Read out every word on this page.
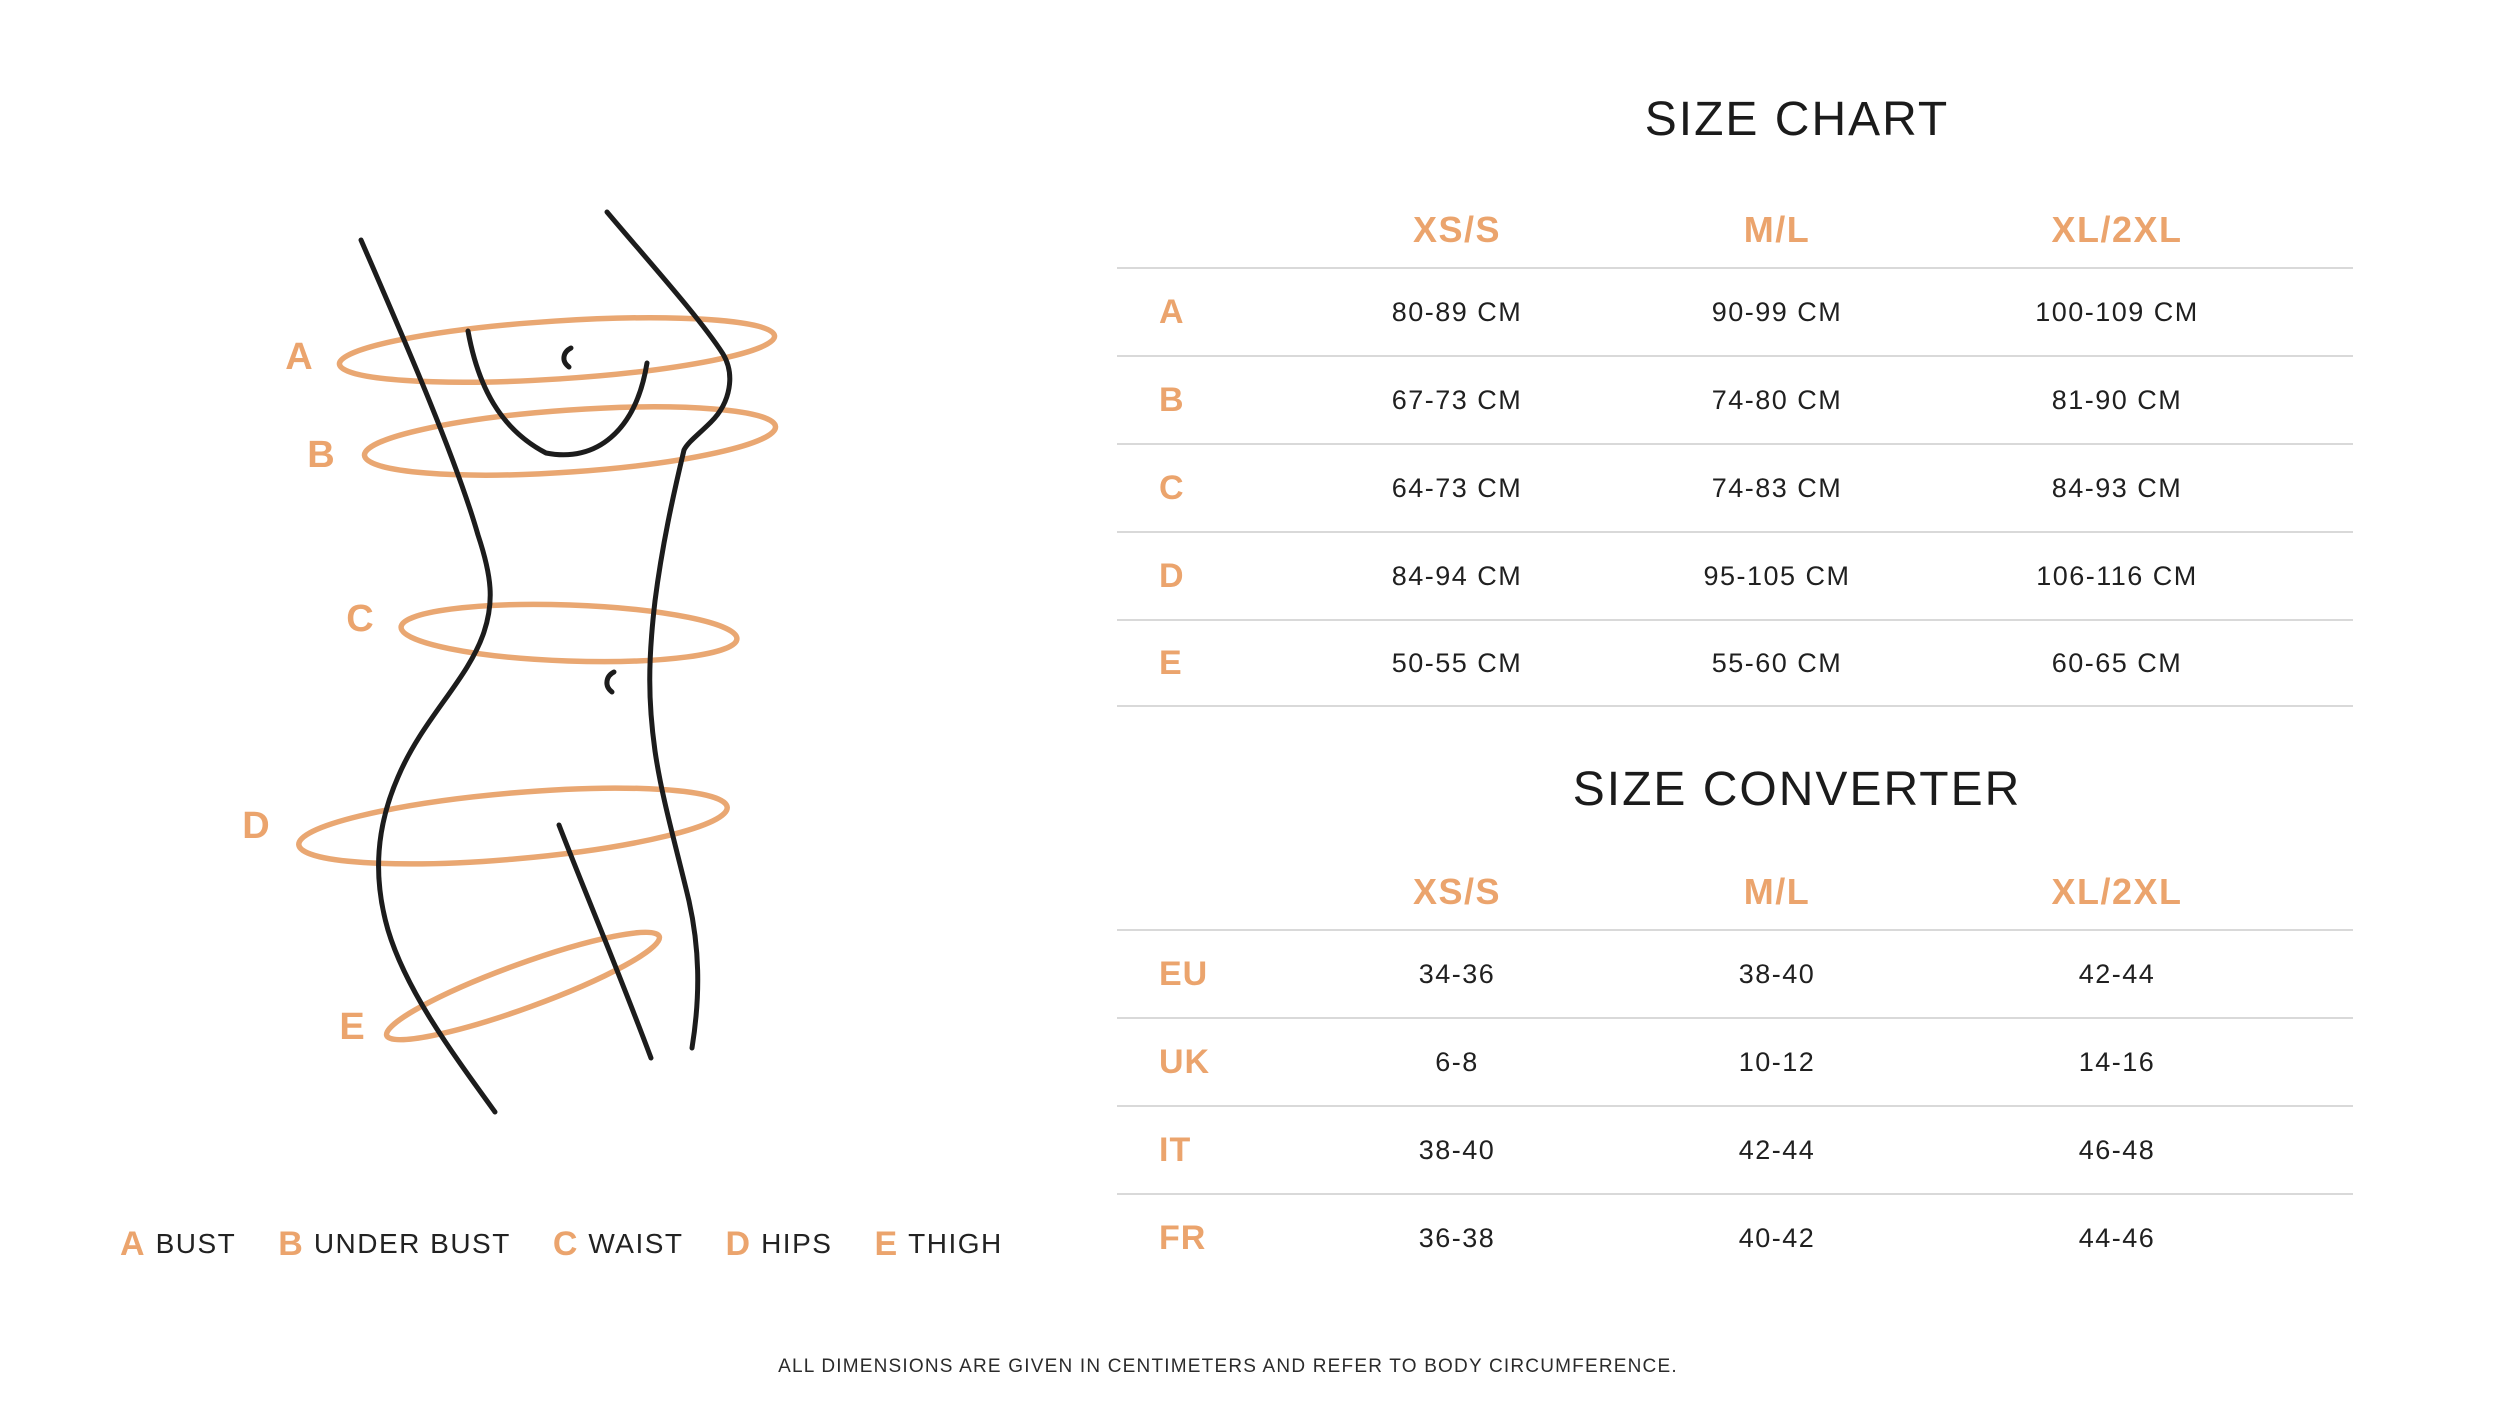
A
B
C
D
E
SIZE CHART
XS/S	M/L	XL/2XL
A	80-89 CM	90-99 CM	100-109 CM
B	67-73 CM	74-80 CM	81-90 CM
C	64-73 CM	74-83 CM	84-93 CM
D	84-94 CM	95-105 CM	106-116 CM
E	50-55 CM	55-60 CM	60-65 CM
SIZE CONVERTER
XS/S	M/L	XL/2XL
EU	34-36	38-40	42-44
UK	6-8	10-12	14-16
IT	38-40	42-44	46-48
FR	36-38	40-42	44-46
A BUST B UNDER BUST C WAIST D HIPS E THIGH
ALL DIMENSIONS ARE GIVEN IN CENTIMETERS AND REFER TO BODY CIRCUMFERENCE.
